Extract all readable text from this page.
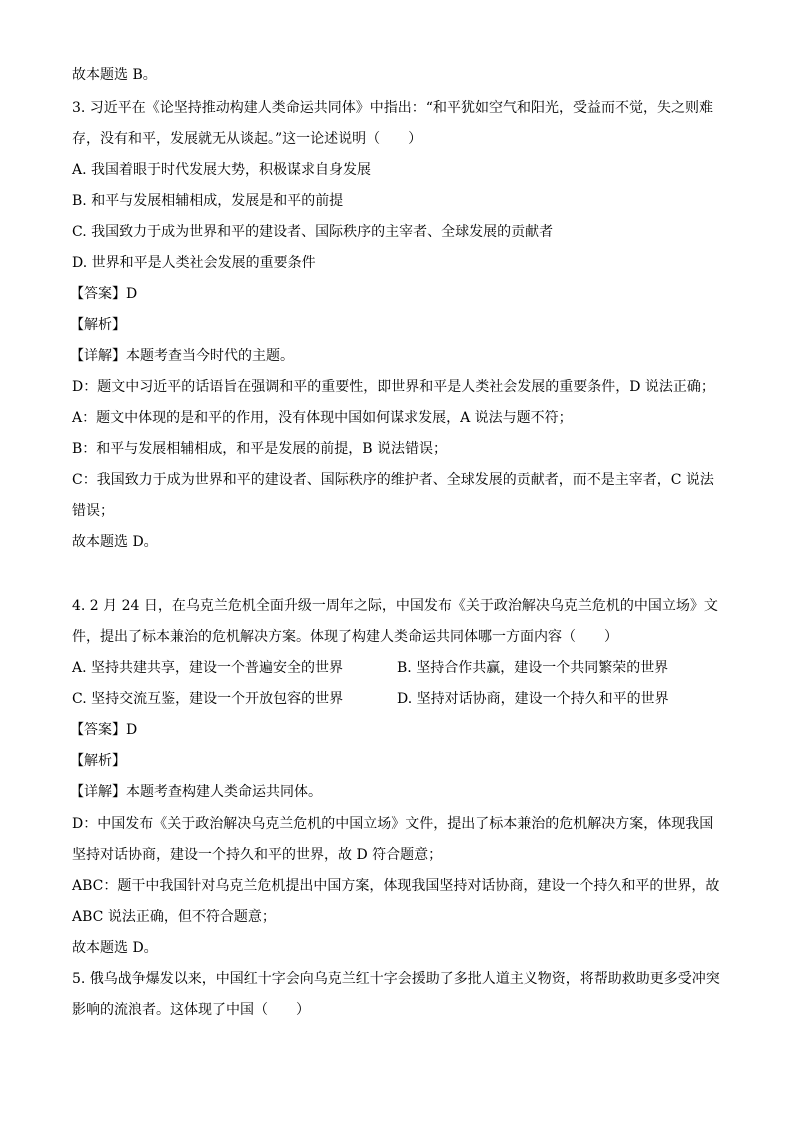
故本题选 B。
3. 习近平在《论坚持推动构建人类命运共同体》中指出：“和平犹如空气和阳光，受益而不觉，失之则难
存，没有和平，发展就无从谈起。”这一论述说明（　　）
A. 我国着眼于时代发展大势，积极谋求自身发展
B. 和平与发展相辅相成，发展是和平的前提
C. 我国致力于成为世界和平的建设者、国际秩序的主宰者、全球发展的贡献者
D. 世界和平是人类社会发展的重要条件
【答案】D
【解析】
【详解】本题考查当今时代的主题。
D：题文中习近平的话语旨在强调和平的重要性，即世界和平是人类社会发展的重要条件，D 说法正确；
A：题文中体现的是和平的作用，没有体现中国如何谋求发展，A 说法与题不符；
B：和平与发展相辅相成，和平是发展的前提，B 说法错误；
C：我国致力于成为世界和平的建设者、国际秩序的维护者、全球发展的贡献者，而不是主宰者，C 说法
错误；
故本题选 D。
4. 2 月 24 日，在乌克兰危机全面升级一周年之际，中国发布《关于政治解决乌克兰危机的中国立场》文
件，提出了标本兼治的危机解决方案。体现了构建人类命运共同体哪一方面内容（　　）
A. 坚持共建共享，建设一个普遍安全的世界	B. 坚持合作共赢，建设一个共同繁荣的世界
C. 坚持交流互鉴，建设一个开放包容的世界	D. 坚持对话协商，建设一个持久和平的世界
【答案】D
【解析】
【详解】本题考查构建人类命运共同体。
D：中国发布《关于政治解决乌克兰危机的中国立场》文件，提出了标本兼治的危机解决方案，体现我国
坚持对话协商，建设一个持久和平的世界，故 D 符合题意；
ABC：题干中我国针对乌克兰危机提出中国方案，体现我国坚持对话协商，建设一个持久和平的世界，故
ABC 说法正确，但不符合题意；
故本题选 D。
5. 俄乌战争爆发以来，中国红十字会向乌克兰红十字会援助了多批人道主义物资，将帮助救助更多受冲突
影响的流浪者。这体现了中国（　　）
